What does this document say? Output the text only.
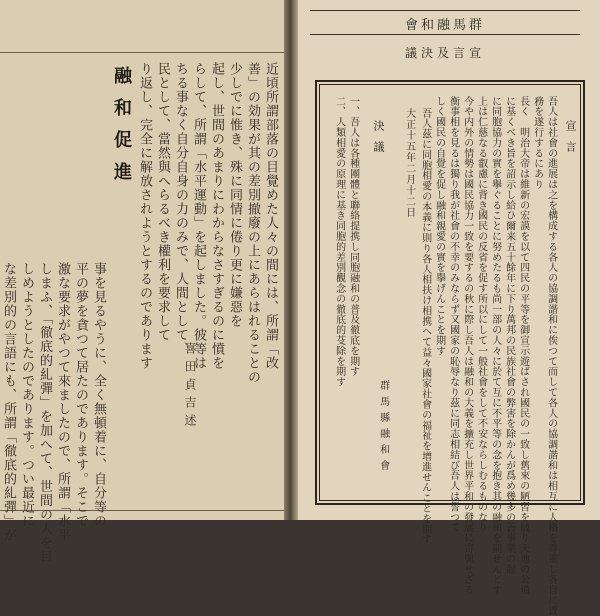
近頃所謂部落の目覺めた人々の間には、所謂「改
善」の効果が其の差別撤廢の上にあらはれることの
少しでに惟き、殊に同情に倦り更に嫌惡を
起し、世間のあまりにわからなさすぎるのに憤を
らして、所謂「水平運動」を起しました。彼等は
ちる事なく自分自身の力のみで、人間として、
民として、當然與へらるべき權利を要求して
り返し、完全に解放されようとするのであります
融和促進
喜田貞吉述
事を見るやうに、全く無頓着に、自分等の
平の夢を貪つて居たのであります。そこで
激な要求がやつて來ましたので、所謂「水平
しまふ、「徹底的糺彈」を加へて、世間の人を目
しめようとしたのであります。つい最近に
な差別的の言語にも、所謂「徹底的糺彈」が
會和融馬群
議決及言宣
宣言
吾人は社會の進展は之を構成する各人の協調諧和に俟つて而して各人の協調諧和は相互に人格を尊重し各自に責
務を遂行するにあり
長く　明治大帝は維新の宏謨を以て四民の平等を御宣示遊ばされ國民の一致し舊來の陋習を破り天地の公道
に基くべき旨を詔示し給ひ爾来五十餘年に下り萬邦の民族社會の弊害を除かんが爲め幾多の善事業の起
に同胞協力の實を擧ぐることに努めたるも尚一部の人々に於て互に不平等の念を抱き其の融和を期せんとす
上は仁慈なる叡慮に背き國民の反省を促す所以にして一般社會をして不安ならしむるものなり
今や内外の情勢は國民協力一致を要するの秋に際し吾人は融和の大義を擴充し世界平和の發展に寄與せざる
衡事相を見るは獨り我が社會の不幸のみならず又國家の恥辱なり茲に同志相結び吾人は誓つて
しく國民の自覺を促し融和親愛の實を擧げんことを期す
吾人茲に同胞相愛の本義に則り各人相扶け相携へて益々國家社會の福祉を增進せんことを期す
大正十五年二月十二日
決議
一、吾人は各種團體と聯絡提携し同胞融和の普及徹底を期す
二、人類相愛の原理に基き同胞的差別觀念の徹底的芟除を期す
群馬縣融和會
